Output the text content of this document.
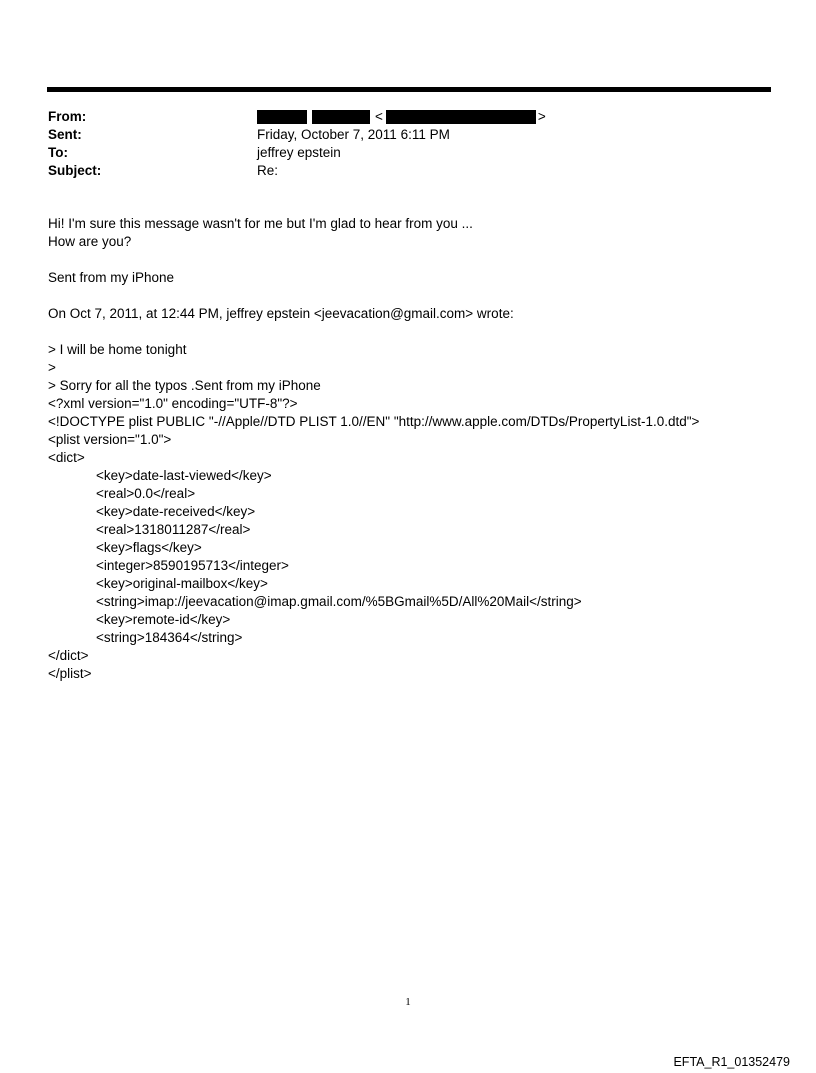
From:	<	>
Sent:	Friday, October 7, 2011 6:11 PM
To:	jeffrey epstein
Subject:	Re:
Hi! I'm sure this message wasn't for me but I'm glad to hear from you ...
How are you?
Sent from my iPhone
On Oct 7, 2011, at 12:44 PM, jeffrey epstein <jeevacation@gmail.com> wrote:
> I will be home tonight
>
> Sorry for all the typos .Sent from my iPhone
<?xml version="1.0" encoding="UTF-8"?>
<!DOCTYPE plist PUBLIC "-//Apple//DTD PLIST 1.0//EN" "http://www.apple.com/DTDs/PropertyList-1.0.dtd">
<plist version="1.0">
<dict>
<key>date-last-viewed</key>
<real>0.0</real>
<key>date-received</key>
<real>1318011287</real>
<key>flags</key>
<integer>8590195713</integer>
<key>original-mailbox</key>
<string>imap://jeevacation@imap.gmail.com/%5BGmail%5D/All%20Mail</string>
<key>remote-id</key>
<string>184364</string>
</dict>
</plist>
1
EFTA_R1_01352479
